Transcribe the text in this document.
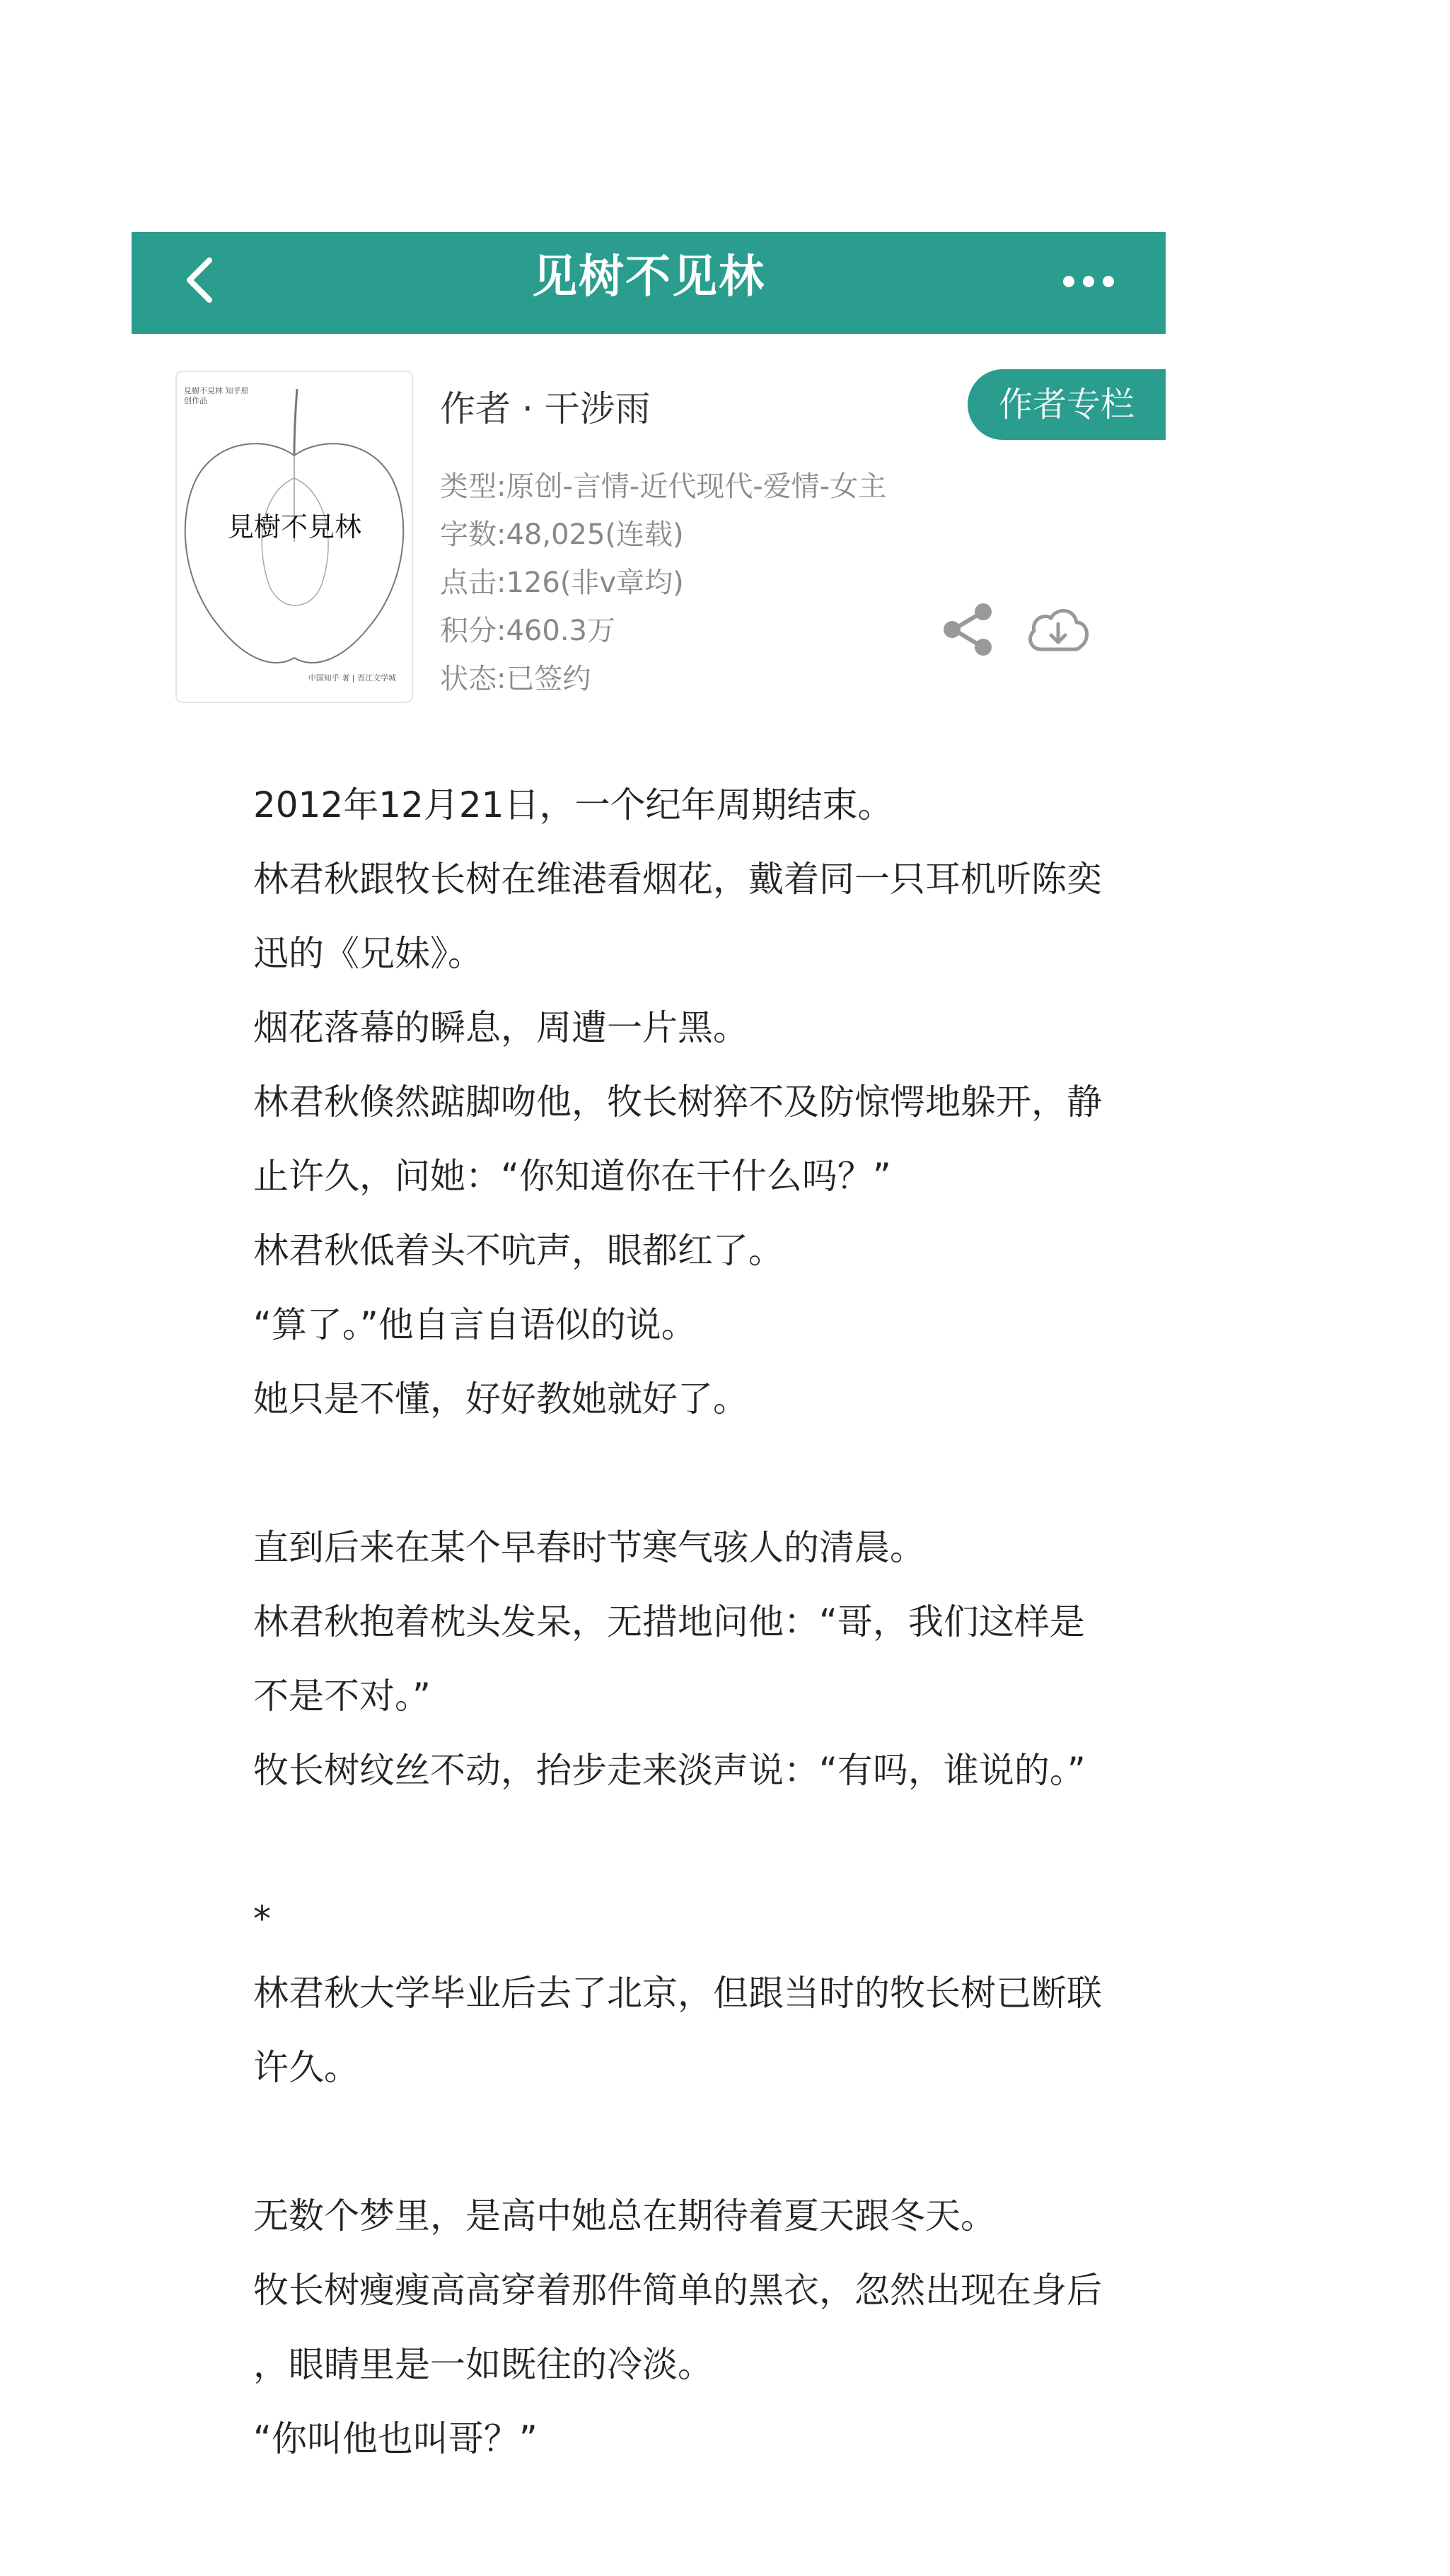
见树不见林
見樹不見林 知乎原创作品
見樹不見林
中国知乎 著 | 晋江文学城
作者 · 干涉雨	作者专栏
类型:原创-言情-近代现代-爱情-女主
字数:48,025(连载)
点击:126(非v章均)
积分:460.3万
状态:已签约

2012年12月21日，一个纪年周期结束。

林君秋跟牧长树在维港看烟花，戴着同一只耳机听陈奕

迅的《兄妹》。

烟花落幕的瞬息，周遭一片黑。

林君秋倏然踮脚吻他，牧长树猝不及防惊愕地躲开，静

止许久，问她：“你知道你在干什么吗？”

林君秋低着头不吭声，眼都红了。

“算了。”他自言自语似的说。

她只是不懂，好好教她就好了。

直到后来在某个早春时节寒气骇人的清晨。

林君秋抱着枕头发呆，无措地问他：“哥，我们这样是

不是不对。”

牧长树纹丝不动，抬步走来淡声说：“有吗，谁说的。”

*

林君秋大学毕业后去了北京，但跟当时的牧长树已断联

许久。

无数个梦里，是高中她总在期待着夏天跟冬天。

牧长树瘦瘦高高穿着那件简单的黑衣，忽然出现在身后

，眼睛里是一如既往的冷淡。

“你叫他也叫哥？”
